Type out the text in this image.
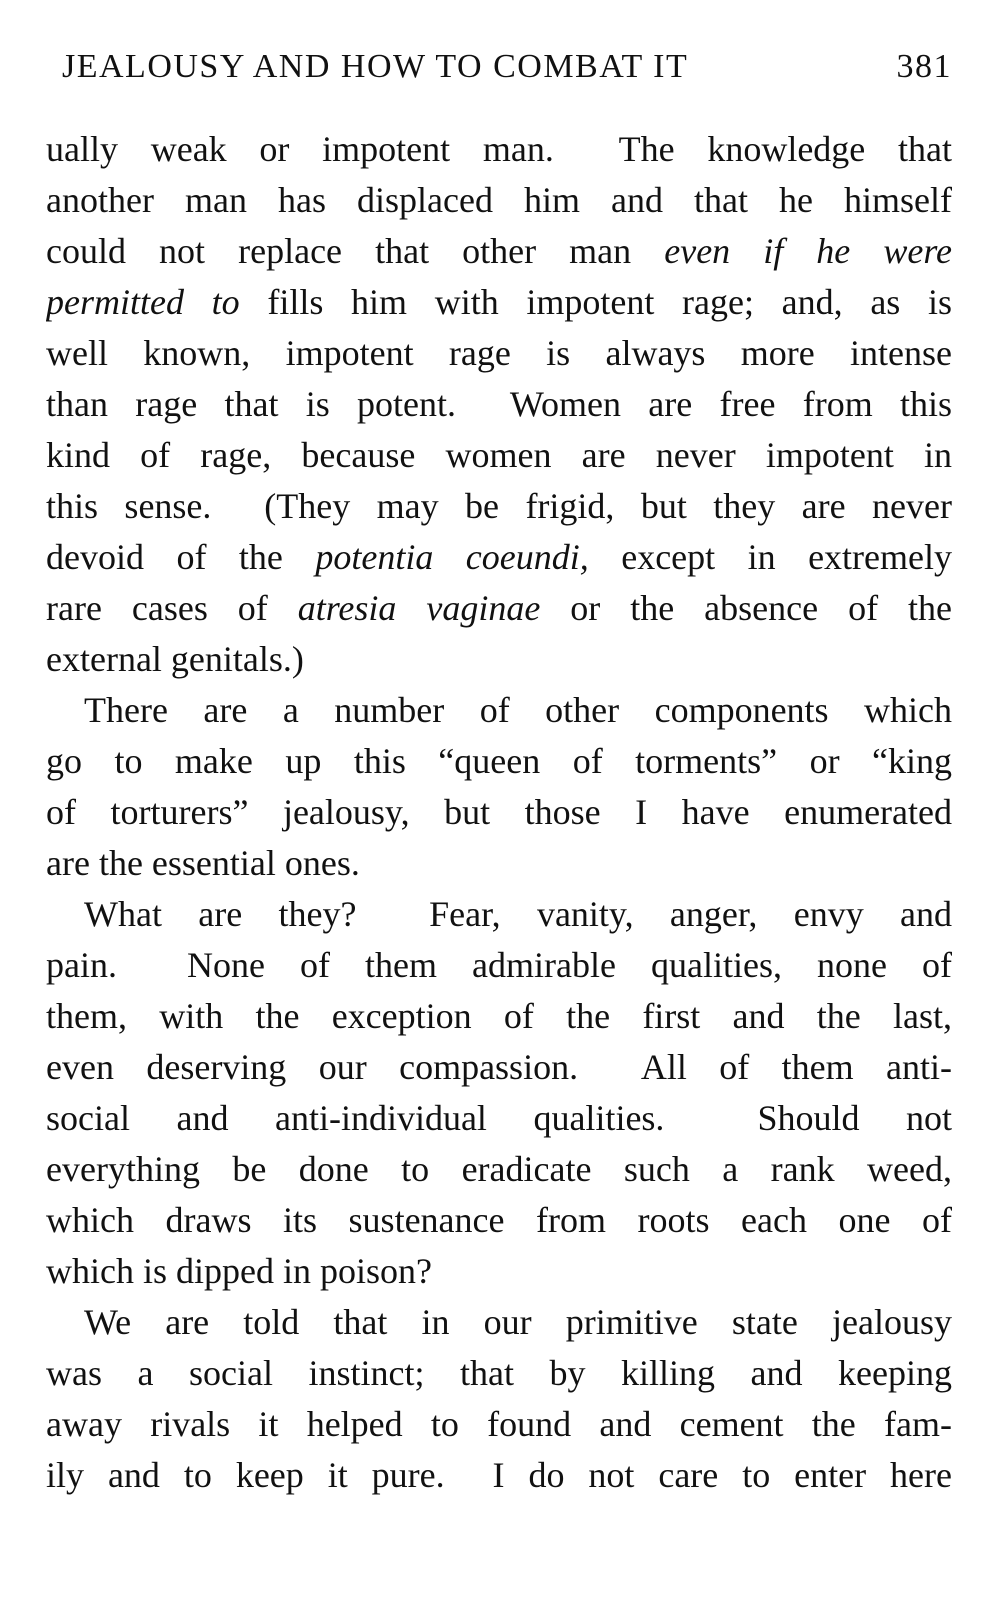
JEALOUSY AND HOW TO COMBAT IT	381
ually weak or impotent man.  The knowledge that
another man has displaced him and that he himself
could not replace that other man even if he were
permitted to fills him with impotent rage; and, as is
well known, impotent rage is always more intense
than rage that is potent.  Women are free from this
kind of rage, because women are never impotent in
this sense.  (They may be frigid, but they are never
devoid of the potentia coeundi, except in extremely
rare cases of atresia vaginae or the absence of the
external genitals.)
There are a number of other components which
go to make up this “queen of torments” or “king
of torturers” jealousy, but those I have enumerated
are the essential ones.
What are they?  Fear, vanity, anger, envy and
pain.  None of them admirable qualities, none of
them, with the exception of the first and the last,
even deserving our compassion.  All of them anti-
social and anti-individual qualities.  Should not
everything be done to eradicate such a rank weed,
which draws its sustenance from roots each one of
which is dipped in poison?
We are told that in our primitive state jealousy
was a social instinct; that by killing and keeping
away rivals it helped to found and cement the fam-
ily and to keep it pure.  I do not care to enter here
